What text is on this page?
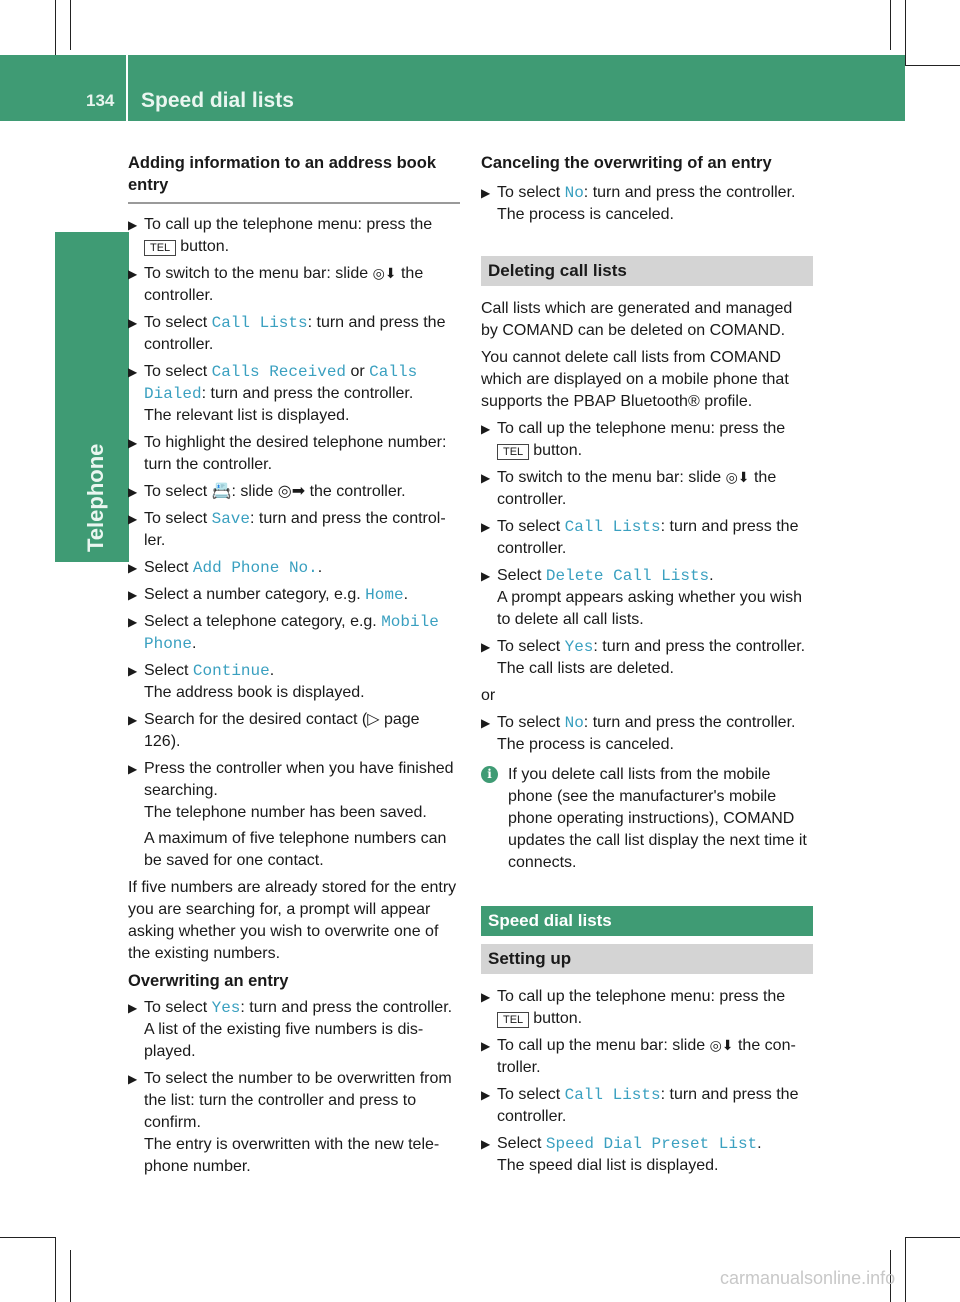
134 Speed dial lists
Telephone
Adding information to an address book entry
▶ To call up the telephone menu: press the TEL button.
▶ To switch to the menu bar: slide ◎⬇ the controller.
▶ To select Call Lists: turn and press the controller.
▶ To select Calls Received or Calls Dialed: turn and press the controller.
The relevant list is displayed.
▶ To highlight the desired telephone number: turn the controller.
▶ To select 📇: slide ◎➡ the controller.
▶ To select Save: turn and press the control- ler.
▶ Select Add Phone No..
▶ Select a number category, e.g. Home.
▶ Select a telephone category, e.g. Mobile Phone.
▶ Select Continue.
The address book is displayed.
▶ Search for the desired contact (▷ page 126).
▶ Press the controller when you have finished searching.
The telephone number has been saved.
A maximum of five telephone numbers can be saved for one contact.

If five numbers are already stored for the entry you are searching for, a prompt will appear asking whether you wish to overwrite one of the existing numbers.

Overwriting an entry
▶ To select Yes: turn and press the controller.
A list of the existing five numbers is dis- played.
▶ To select the number to be overwritten from the list: turn the controller and press to confirm.
The entry is overwritten with the new tele- phone number.
Canceling the overwriting of an entry
▶ To select No: turn and press the controller.
The process is canceled.
Deleting call lists

Call lists which are generated and managed by COMAND can be deleted on COMAND.

You cannot delete call lists from COMAND which are displayed on a mobile phone that supports the PBAP Bluetooth® profile.

▶ To call up the telephone menu: press the TEL button.
▶ To switch to the menu bar: slide ◎⬇ the controller.
▶ To select Call Lists: turn and press the controller.
▶ Select Delete Call Lists.
A prompt appears asking whether you wish to delete all call lists.
▶ To select Yes: turn and press the controller.
The call lists are deleted.

or

▶ To select No: turn and press the controller.
The process is canceled.
i	If you delete call lists from the mobile phone (see the manufacturer's mobile phone operating instructions), COMAND updates the call list display the next time it connects.
Speed dial lists
Setting up
▶ To call up the telephone menu: press the TEL button.
▶ To call up the menu bar: slide ◎⬇ the con- troller.
▶ To select Call Lists: turn and press the controller.
▶ Select Speed Dial Preset List.
The speed dial list is displayed.
carmanualsonline.info
